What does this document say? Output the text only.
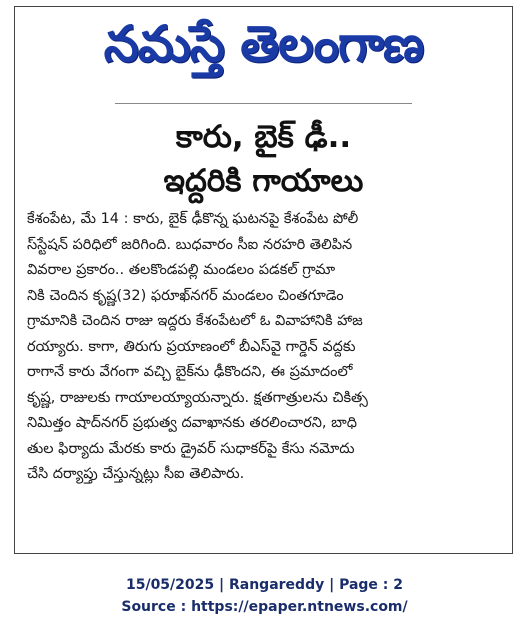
నమస్తే తెలంగాణ
కారు, బైక్ ఢీ..
ఇద్దరికి గాయాలు
కేశంపేట, మే 14 : కారు, బైక్ ఢీకొన్న ఘటనపై కేశంపేట పోలీ
స్‌స్టేషన్ పరిధిలో జరిగింది. బుధవారం సీఐ నరహరి తెలిపిన
వివరాల ప్రకారం.. తలకొండపల్లి మండలం పడకల్ గ్రామా
నికి చెందిన కృష్ణ(32) ఫరూఖ్‌నగర్ మండలం చింతగూడెం
గ్రామానికి చెందిన రాజు ఇద్దరు కేశంపేటలో ఓ వివాహానికి హాజ
రయ్యారు. కాగా, తిరుగు ప్రయాణంలో బీఎస్‌వై గార్డెన్ వద్దకు
రాగానే కారు వేగంగా వచ్చి బైక్‌ను ఢీకొందని, ఈ ప్రమాదంలో
కృష్ణ, రాజులకు గాయాలయ్యాయన్నారు. క్షతగాత్రులను చికిత్స
నిమిత్తం షాద్‌నగర్ ప్రభుత్వ దవాఖానకు తరలించారని, బాధి
తుల ఫిర్యాదు మేరకు కారు డ్రైవర్ సుధాకర్‌పై కేసు నమోదు
చేసి దర్యాప్తు చేస్తున్నట్లు సీఐ తెలిపారు.
15/05/2025 | Rangareddy | Page : 2
Source : https://epaper.ntnews.com/
